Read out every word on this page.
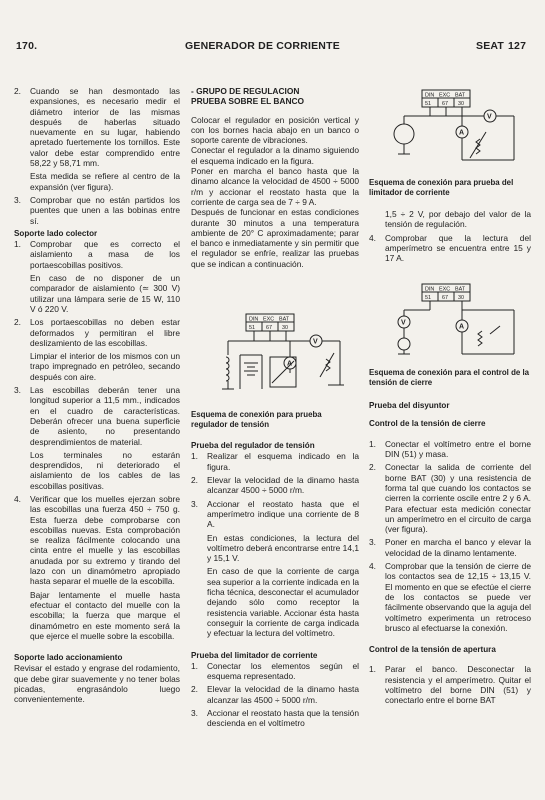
170.	GENERADOR DE CORRIENTE	SEAT 127
2.	Cuando se han desmontado las expansiones, es necesario medir el diámetro interior de las mismas después de haberlas situado nuevamente en su lugar, habiendo apretado fuertemente los tornillos. Este valor debe estar comprendido entre 58,22 y 58,71 mm.

Esta medida se refiere al centro de la expansión (ver figura).

3.	Comprobar que no están partidos los puentes que unen a las bobinas entre sí.

Soporte lado colector

1.	Comprobar que es correcto el aislamiento a masa de los portaescobillas positivos.

En caso de no disponer de un comparador de aislamiento (≃ 300 V) utilizar una lámpara serie de 15 W, 110 V ó 220 V.

2.	Los portaescobillas no deben estar deformados y permitiran el libre deslizamiento de las escobillas.

Limpiar el interior de los mismos con un trapo impregnado en petróleo, secando después con aire.

3.	Las escobillas deberán tener una longitud superior a 11,5 mm., indicados en el cuadro de características. Deberán ofrecer una buena superficie de asiento, no presentando desprendimientos de material.

Los terminales no estarán desprendidos, ni deteriorado el aislamiento de los cables de las escobillas positivas.

4.	Verificar que los muelles ejerzan sobre las escobillas una fuerza 450 ÷ 750 g. Esta fuerza debe comprobarse con escobillas nuevas. Esta comprobación se realiza fácilmente colocando una cinta entre el muelle y las escobillas anudada por su extremo y tirando del lazo con un dinamómetro apropiado hasta separar el muelle de la escobilla.

Bajar lentamente el muelle hasta efectuar el contacto del muelle con la escobilla; la fuerza que marque el dinamómetro en este momento será la que ejerce el muelle sobre la escobilla.

Soporte lado accionamiento

Revisar el estado y engrase del rodamiento, que debe girar suavemente y no tener bolas picadas, engrasándolo luego convenientemente.

- GRUPO DE REGULACION

PRUEBA SOBRE EL BANCO

Colocar el regulador en posición vertical y con los bornes hacia abajo en un banco o soporte carente de vibraciones.

Conectar el regulador a la dinamo siguiendo el esquema indicado en la figura.

Poner en marcha el banco hasta que la dinamo alcance la velocidad de 4500 ÷ 5000 r/m y accionar el reostato hasta que la corriente de carga sea de 7 ÷ 9 A.

Después de funcionar en estas condiciones durante 30 minutos a una temperatura ambiente de 20° C aproximadamente; parar el banco e inmediatamente y sin permitir que el regulador se enfríe, realizar las pruebas que se indican a continuación.

DIN EXC BAT
51 67 30
V
A

Esquema de conexión para prueba regulador de tensión

Prueba del regulador de tensión

1.	Realizar el esquema indicado en la figura.

2.	Elevar la velocidad de la dinamo hasta alcanzar 4500 ÷ 5000 r/m.

3.	Accionar el reostato hasta que el amperímetro indique una corriente de 8 A.

En estas condiciones, la lectura del voltímetro deberá encontrarse entre 14,1 y 15,1 V.

En caso de que la corriente de carga sea superior a la corriente indicada en la ficha técnica, desconectar el acumulador dejando sólo como receptor la resistencia variable. Accionar ésta hasta conseguir la corriente de carga indicada y efectuar la lectura del voltímetro.

Prueba del limitador de corriente

1.	Conectar los elementos según el esquema representado.

2.	Elevar la velocidad de la dinamo hasta alcanzar las 4500 ÷ 5000 r/m.

3.	Accionar el reostato hasta que la tensión descienda en el voltímetro

DIN EXC BAT
51 67 30
V
A

Esquema de conexión para prueba del limitador de corriente

1,5 ÷ 2 V, por debajo del valor de la tensión de regulación.

4.	Comprobar que la lectura del amperímetro se encuentra entre 15 y 17 A.

DIN EXC BAT
51 67 30
V
A

Esquema de conexión para el control de la tensión de cierre

Prueba del disyuntor

Control de la tensión de cierre

1.	Conectar el voltímetro entre el borne DIN (51) y masa.

2.	Conectar la salida de corriente del borne BAT (30) y una resistencia de forma tal que cuando los contactos se cierren la corriente oscile entre 2 y 6 A. Para efectuar esta medición conectar un amperímetro en el circuito de carga (ver figura).

3.	Poner en marcha el banco y elevar la velocidad de la dinamo lentamente.

4.	Comprobar que la tensión de cierre de los contactos sea de 12,15 ÷ 13,15 V. El momento en que se efectúe el cierre de los contactos se puede ver fácilmente observando que la aguja del voltímetro experimenta un retroceso brusco al efectuarse la conexión.

Control de la tensión de apertura

1.	Parar el banco. Desconectar la resistencia y el amperímetro. Quitar el voltímetro del borne DIN (51) y conectarlo entre el borne BAT
